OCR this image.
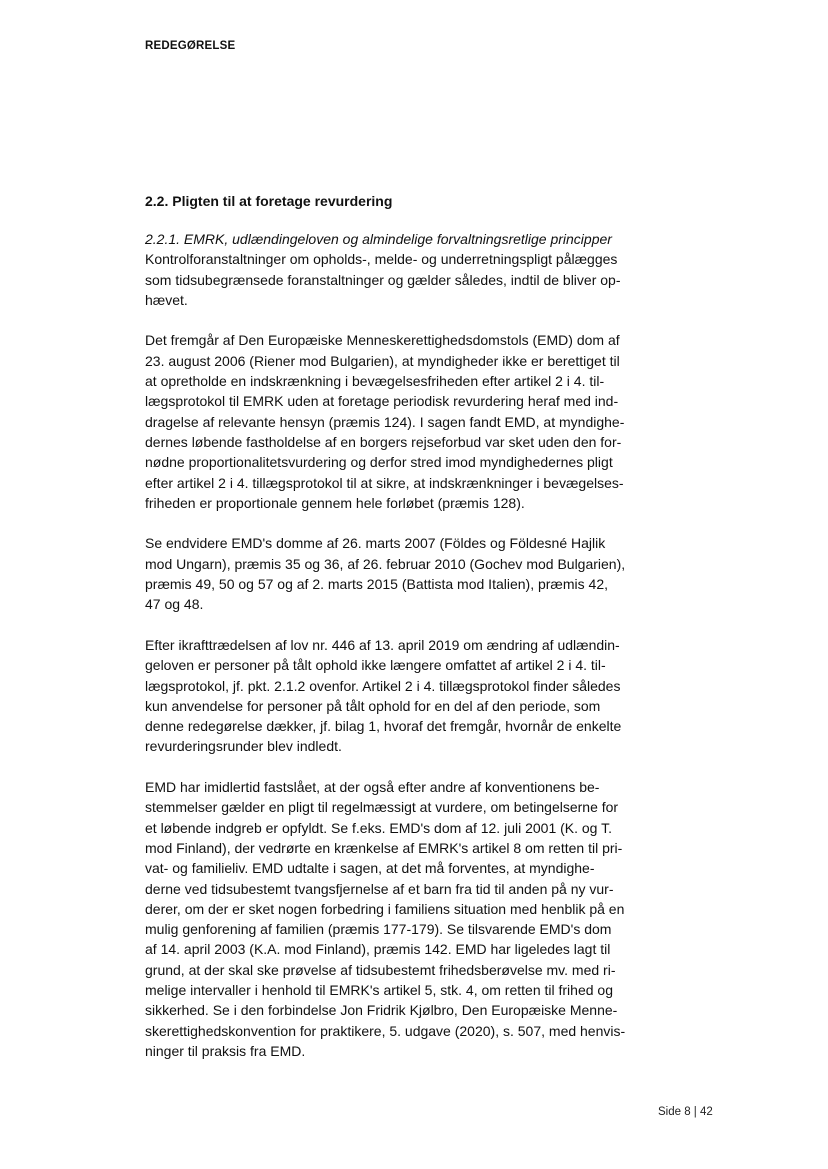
REDEGØRELSE
2.2. Pligten til at foretage revurdering
2.2.1. EMRK, udlændingeloven og almindelige forvaltningsretlige principper
Kontrolforanstaltninger om opholds-, melde- og underretningspligt pålægges
som tidsubegrænsede foranstaltninger og gælder således, indtil de bliver op-
hævet.
Det fremgår af Den Europæiske Menneskerettighedsdomstols (EMD) dom af
23. august 2006 (Riener mod Bulgarien), at myndigheder ikke er berettiget til
at opretholde en indskrænkning i bevægelsesfriheden efter artikel 2 i 4. til-
lægsprotokol til EMRK uden at foretage periodisk revurdering heraf med ind-
dragelse af relevante hensyn (præmis 124). I sagen fandt EMD, at myndighe-
dernes løbende fastholdelse af en borgers rejseforbud var sket uden den for-
nødne proportionalitetsvurdering og derfor stred imod myndighedernes pligt
efter artikel 2 i 4. tillægsprotokol til at sikre, at indskrænkninger i bevægelses-
friheden er proportionale gennem hele forløbet (præmis 128).
Se endvidere EMD's domme af 26. marts 2007 (Földes og Földesné Hajlik
mod Ungarn), præmis 35 og 36, af 26. februar 2010 (Gochev mod Bulgarien),
præmis 49, 50 og 57 og af 2. marts 2015 (Battista mod Italien), præmis 42,
47 og 48.
Efter ikrafttrædelsen af lov nr. 446 af 13. april 2019 om ændring af udlændin-
geloven er personer på tålt ophold ikke længere omfattet af artikel 2 i 4. til-
lægsprotokol, jf. pkt. 2.1.2 ovenfor. Artikel 2 i 4. tillægsprotokol finder således
kun anvendelse for personer på tålt ophold for en del af den periode, som
denne redegørelse dækker, jf. bilag 1, hvoraf det fremgår, hvornår de enkelte
revurderingsrunder blev indledt.
EMD har imidlertid fastslået, at der også efter andre af konventionens be-
stemmelser gælder en pligt til regelmæssigt at vurdere, om betingelserne for
et løbende indgreb er opfyldt. Se f.eks. EMD's dom af 12. juli 2001 (K. og T.
mod Finland), der vedrørte en krænkelse af EMRK's artikel 8 om retten til pri-
vat- og familieliv. EMD udtalte i sagen, at det må forventes, at myndighe-
derne ved tidsubestemt tvangsfjernelse af et barn fra tid til anden på ny vur-
derer, om der er sket nogen forbedring i familiens situation med henblik på en
mulig genforening af familien (præmis 177-179). Se tilsvarende EMD's dom
af 14. april 2003 (K.A. mod Finland), præmis 142. EMD har ligeledes lagt til
grund, at der skal ske prøvelse af tidsubestemt frihedsberøvelse mv. med ri-
melige intervaller i henhold til EMRK's artikel 5, stk. 4, om retten til frihed og
sikkerhed. Se i den forbindelse Jon Fridrik Kjølbro, Den Europæiske Menne-
skerettighedskonvention for praktikere, 5. udgave (2020), s. 507, med henvis-
ninger til praksis fra EMD.
Side 8 | 42
